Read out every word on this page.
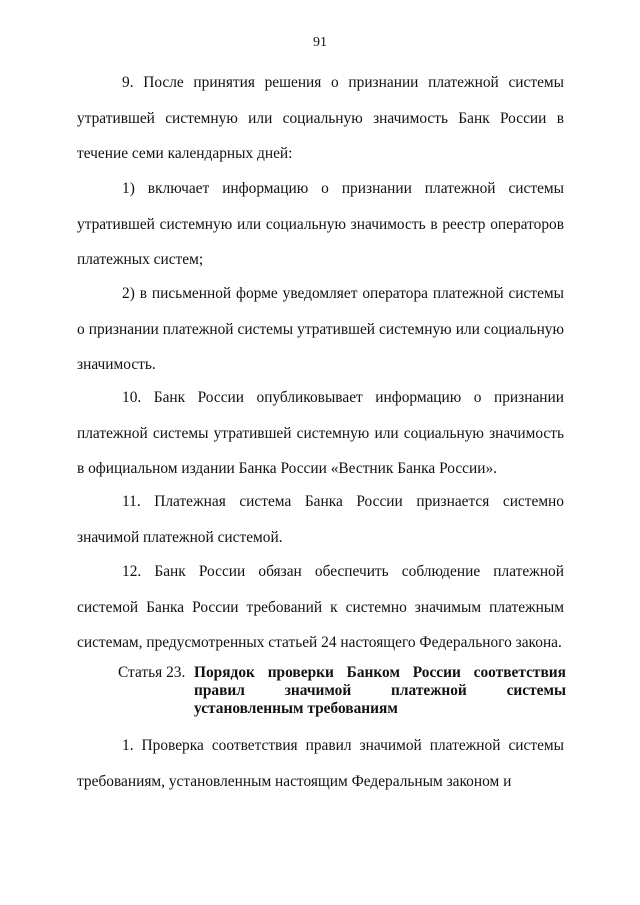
91

9. После принятия решения о признании платежной системы утратившей системную или социальную значимость Банк России в течение семи календарных дней:

1) включает информацию о признании платежной системы утратившей системную или социальную значимость в реестр операторов платежных систем;

2) в письменной форме уведомляет оператора платежной системы о признании платежной системы утратившей системную или социальную значимость.

10. Банк России опубликовывает информацию о признании платежной системы утратившей системную или социальную значимость в официальном издании Банка России «Вестник Банка России».

11. Платежная система Банка России признается системно значимой платежной системой.

12. Банк России обязан обеспечить соблюдение платежной системой Банка России требований к системно значимым платежным системам, предусмотренных статьей 24 настоящего Федерального закона.

Статья 23. Порядок проверки Банком России соответствия правил значимой платежной системы установленным требованиям

1. Проверка соответствия правил значимой платежной системы требованиям, установленным настоящим Федеральным законом и
